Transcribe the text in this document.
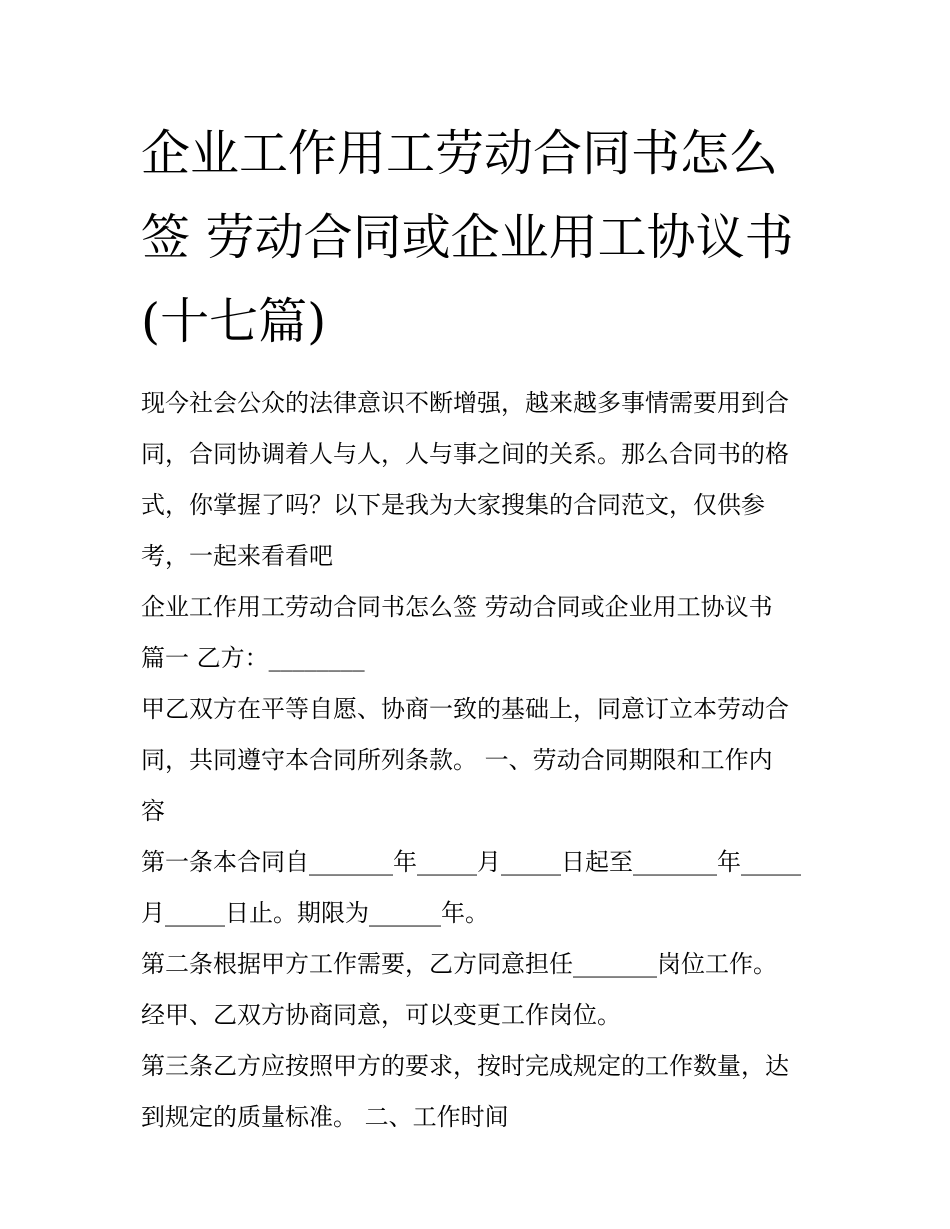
企业工作用工劳动合同书怎么
签 劳动合同或企业用工协议书
(十七篇)
现今社会公众的法律意识不断增强，越来越多事情需要用到合
同，合同协调着人与人，人与事之间的关系。那么合同书的格
式，你掌握了吗？以下是我为大家搜集的合同范文，仅供参
考，一起来看看吧
企业工作用工劳动合同书怎么签 劳动合同或企业用工协议书
篇一 乙方：________
甲乙双方在平等自愿、协商一致的基础上，同意订立本劳动合
同，共同遵守本合同所列条款。 一、劳动合同期限和工作内
容
第一条本合同自_______年_____月_____日起至_______年_____
月_____日止。期限为______年。
第二条根据甲方工作需要，乙方同意担任_______岗位工作。
经甲、乙双方协商同意，可以变更工作岗位。
第三条乙方应按照甲方的要求，按时完成规定的工作数量，达
到规定的质量标准。 二、工作时间
